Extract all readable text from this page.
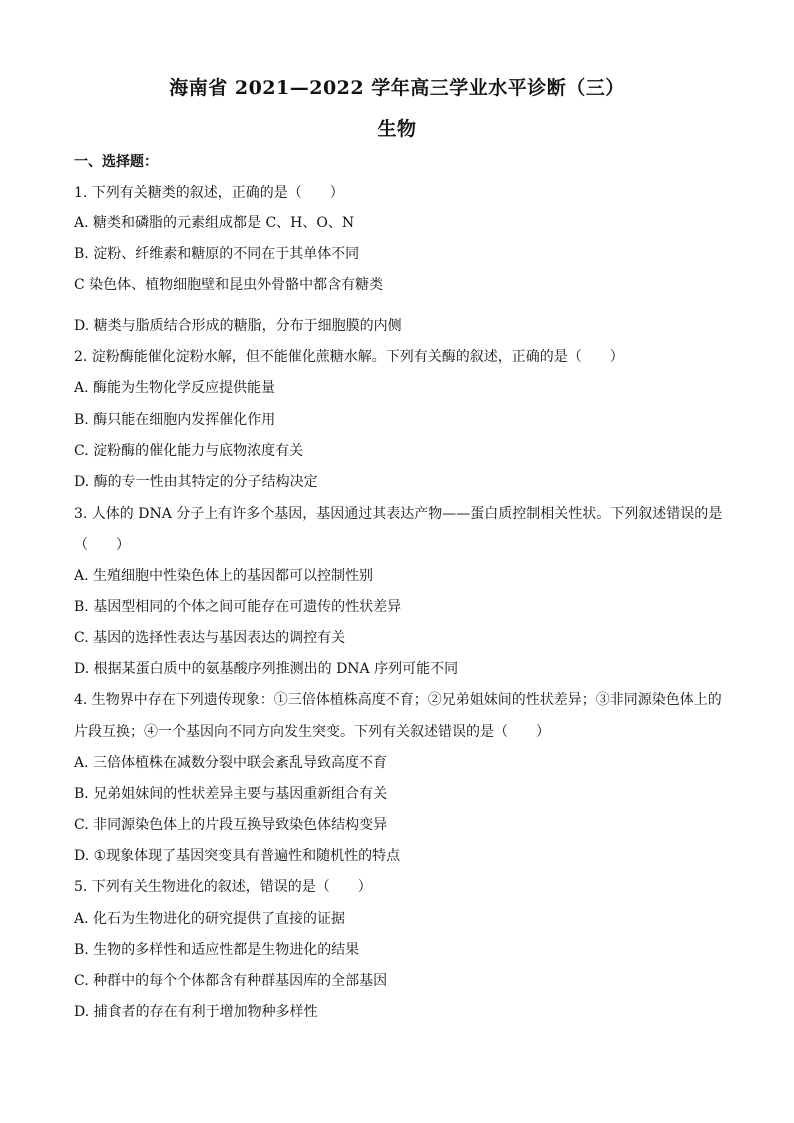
海南省 2021—2022 学年高三学业水平诊断（三）
生物
一、选择题：
1. 下列有关糖类的叙述，正确的是（　　）
A. 糖类和磷脂的元素组成都是 C、H、O、N
B. 淀粉、纤维素和糖原的不同在于其单体不同
C 染色体、植物细胞壁和昆虫外骨骼中都含有糖类
D. 糖类与脂质结合形成的糖脂，分布于细胞膜的内侧
2. 淀粉酶能催化淀粉水解，但不能催化蔗糖水解。下列有关酶的叙述，正确的是（　　）
A. 酶能为生物化学反应提供能量
B. 酶只能在细胞内发挥催化作用
C. 淀粉酶的催化能力与底物浓度有关
D. 酶的专一性由其特定的分子结构决定
3. 人体的 DNA 分子上有许多个基因，基因通过其表达产物——蛋白质控制相关性状。下列叙述错误的是
（　　）
A. 生殖细胞中性染色体上的基因都可以控制性别
B. 基因型相同的个体之间可能存在可遗传的性状差异
C. 基因的选择性表达与基因表达的调控有关
D. 根据某蛋白质中的氨基酸序列推测出的 DNA 序列可能不同
4. 生物界中存在下列遗传现象：①三倍体植株高度不育；②兄弟姐妹间的性状差异；③非同源染色体上的
片段互换；④一个基因向不同方向发生突变。下列有关叙述错误的是（　　）
A. 三倍体植株在减数分裂中联会紊乱导致高度不育
B. 兄弟姐妹间的性状差异主要与基因重新组合有关
C. 非同源染色体上的片段互换导致染色体结构变异
D. ①现象体现了基因突变具有普遍性和随机性的特点
5. 下列有关生物进化的叙述，错误的是（　　）
A. 化石为生物进化的研究提供了直接的证据
B. 生物的多样性和适应性都是生物进化的结果
C. 种群中的每个个体都含有种群基因库的全部基因
D. 捕食者的存在有利于增加物种多样性
